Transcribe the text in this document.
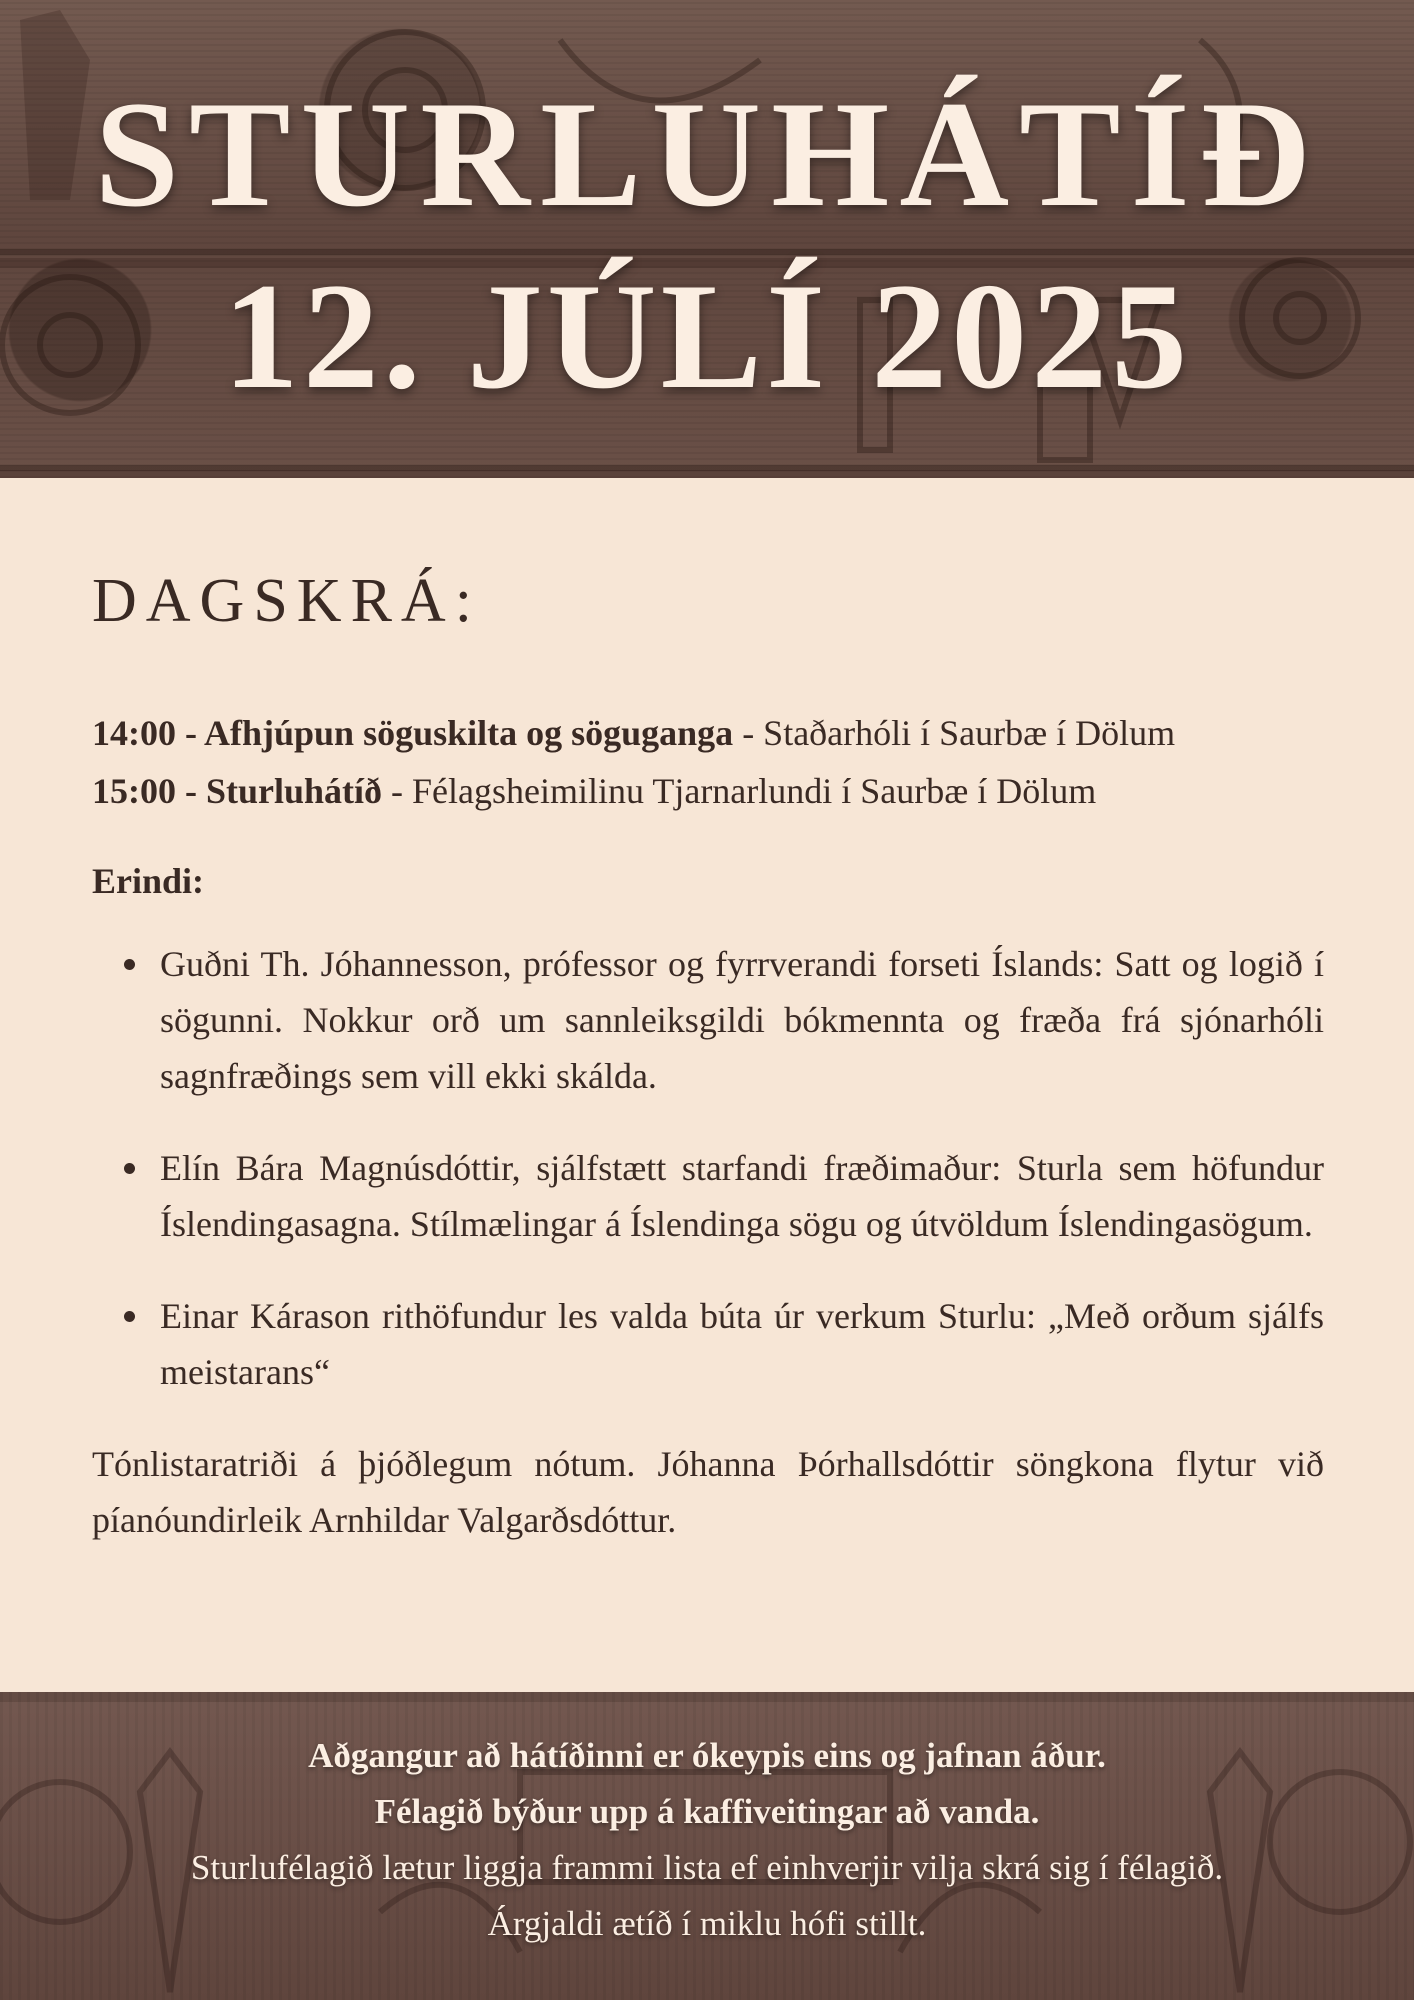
STURLUHÁTÍÐ
12. JÚLÍ 2025
DAGSKRÁ:
14:00 - Afhjúpun söguskilta og söguganga - Staðarhóli í Saurbæ í Dölum
15:00 - Sturluhátíð - Félagsheimilinu Tjarnarlundi í Saurbæ í Dölum
Erindi:
Guðni Th. Jóhannesson, prófessor og fyrrverandi forseti Íslands: Satt og logið í sögunni. Nokkur orð um sannleiksgildi bókmennta og fræða frá sjónarhóli sagnfræðings sem vill ekki skálda.
Elín Bára Magnúsdóttir, sjálfstætt starfandi fræðimaður: Sturla sem höfundur Íslendingasagna. Stílmælingar á Íslendinga sögu og útvöldum Íslendingasögum.
Einar Kárason rithöfundur les valda búta úr verkum Sturlu: „Með orðum sjálfs meistarans“

Tónlistaratriði á þjóðlegum nótum. Jóhanna Þórhallsdóttir söngkona flytur við píanóundirleik Arnhildar Valgarðsdóttur.

Aðgangur að hátíðinni er ókeypis eins og jafnan áður.
Félagið býður upp á kaffiveitingar að vanda.
Sturlufélagið lætur liggja frammi lista ef einhverjir vilja skrá sig í félagið.
Árgjaldi ætíð í miklu hófi stillt.
